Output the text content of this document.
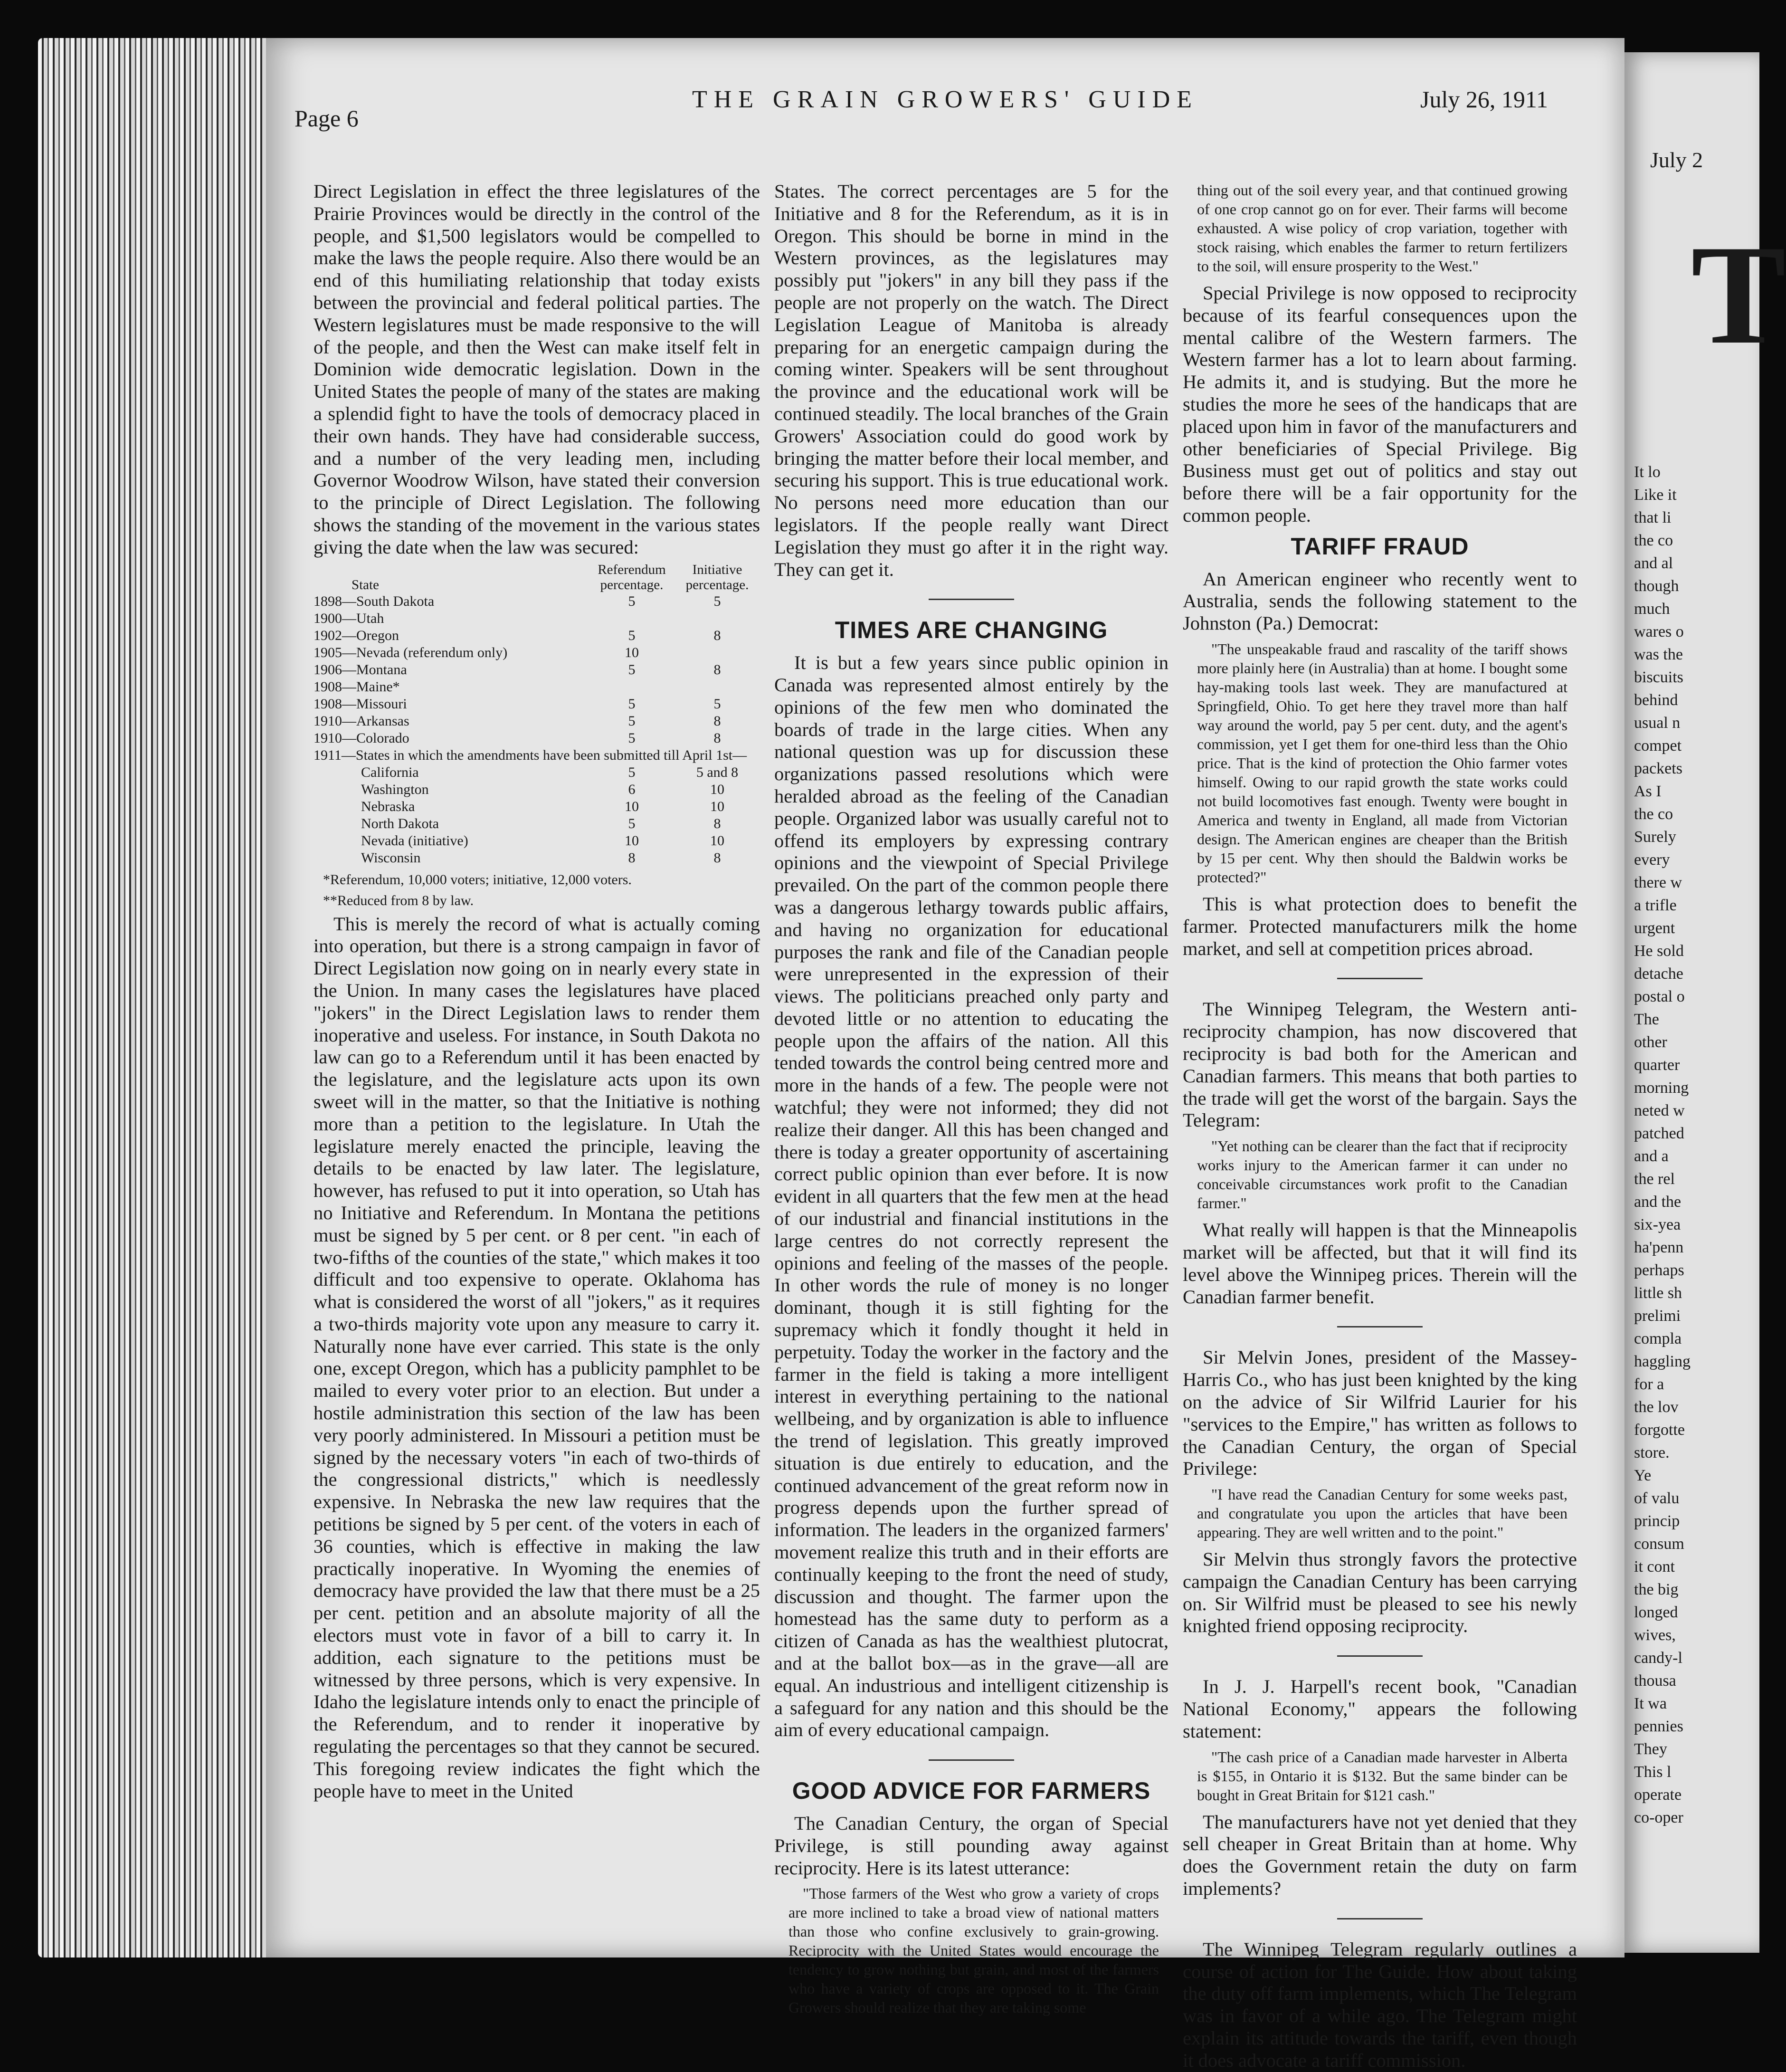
Page 6
THE GRAIN GROWERS' GUIDE	July 26, 1911

Direct Legislation in effect the three legislatures of the Prairie Provinces would be directly in the control of the people, and $1,500 legislators would be compelled to make the laws the people require. Also there would be an end of this humiliating relationship that today exists between the provincial and federal political parties. The Western legislatures must be made responsive to the will of the people, and then the West can make itself felt in Dominion wide democratic legislation. Down in the United States the people of many of the states are making a splendid fight to have the tools of democracy placed in their own hands. They have had considerable success, and a number of the very leading men, including Governor Woodrow Wilson, have stated their conversion to the principle of Direct Legislation. The following shows the standing of the movement in the various states giving the date when the law was secured:

State	Referendum percentage.	Initiative percentage.
1898—South Dakota	5	5
1900—Utah		
1902—Oregon	5	8
1905—Nevada (referendum only)	10	
1906—Montana	5	8
1908—Maine*		
1908—Missouri	5	5
1910—Arkansas	5	8
1910—Colorado	5	8
1911—States in which the amendments have been submitted till April 1st—		
California	5	5 and 8
Washington	6	10
Nebraska	10	10
North Dakota	5	8
Nevada (initiative)	10	10
Wisconsin	8	8
*Referendum, 10,000 voters; initiative, 12,000 voters.
**Reduced from 8 by law.

This is merely the record of what is actually coming into operation, but there is a strong campaign in favor of Direct Legislation now going on in nearly every state in the Union. In many cases the legislatures have placed "jokers" in the Direct Legislation laws to render them inoperative and useless. For instance, in South Dakota no law can go to a Referendum until it has been enacted by the legislature, and the legislature acts upon its own sweet will in the matter, so that the Initiative is nothing more than a petition to the legislature. In Utah the legislature merely enacted the principle, leaving the details to be enacted by law later. The legislature, however, has refused to put it into operation, so Utah has no Initiative and Referendum. In Montana the petitions must be signed by 5 per cent. or 8 per cent. "in each of two-fifths of the counties of the state," which makes it too difficult and too expensive to operate. Oklahoma has what is considered the worst of all "jokers," as it requires a two-thirds majority vote upon any measure to carry it. Naturally none have ever carried. This state is the only one, except Oregon, which has a publicity pamphlet to be mailed to every voter prior to an election. But under a hostile administration this section of the law has been very poorly administered. In Missouri a petition must be signed by the necessary voters "in each of two-thirds of the congressional districts," which is needlessly expensive. In Nebraska the new law requires that the petitions be signed by 5 per cent. of the voters in each of 36 counties, which is effective in making the law practically inoperative. In Wyoming the enemies of democracy have provided the law that there must be a 25 per cent. petition and an absolute majority of all the electors must vote in favor of a bill to carry it. In addition, each signature to the petitions must be witnessed by three persons, which is very expensive. In Idaho the legislature intends only to enact the principle of the Referendum, and to render it inoperative by regulating the percentages so that they cannot be secured. This foregoing review indicates the fight which the people have to meet in the United

States. The correct percentages are 5 for the Initiative and 8 for the Referendum, as it is in Oregon. This should be borne in mind in the Western provinces, as the legislatures may possibly put "jokers" in any bill they pass if the people are not properly on the watch. The Direct Legislation League of Manitoba is already preparing for an energetic campaign during the coming winter. Speakers will be sent throughout the province and the educational work will be continued steadily. The local branches of the Grain Growers' Association could do good work by bringing the matter before their local member, and securing his support. This is true educational work. No persons need more education than our legislators. If the people really want Direct Legislation they must go after it in the right way. They can get it.

TIMES ARE CHANGING

It is but a few years since public opinion in Canada was represented almost entirely by the opinions of the few men who dominated the boards of trade in the large cities. When any national question was up for discussion these organizations passed resolutions which were heralded abroad as the feeling of the Canadian people. Organized labor was usually careful not to offend its employers by expressing contrary opinions and the viewpoint of Special Privilege prevailed. On the part of the common people there was a dangerous lethargy towards public affairs, and having no organization for educational purposes the rank and file of the Canadian people were unrepresented in the expression of their views. The politicians preached only party and devoted little or no attention to educating the people upon the affairs of the nation. All this tended towards the control being centred more and more in the hands of a few. The people were not watchful; they were not informed; they did not realize their danger. All this has been changed and there is today a greater opportunity of ascertaining correct public opinion than ever before. It is now evident in all quarters that the few men at the head of our industrial and financial institutions in the large centres do not correctly represent the opinions and feeling of the masses of the people. In other words the rule of money is no longer dominant, though it is still fighting for the supremacy which it fondly thought it held in perpetuity. Today the worker in the factory and the farmer in the field is taking a more intelligent interest in everything pertaining to the national wellbeing, and by organization is able to influence the trend of legislation. This greatly improved situation is due entirely to education, and the continued advancement of the great reform now in progress depends upon the further spread of information. The leaders in the organized farmers' movement realize this truth and in their efforts are continually keeping to the front the need of study, discussion and thought. The farmer upon the homestead has the same duty to perform as a citizen of Canada as has the wealthiest plutocrat, and at the ballot box—as in the grave—all are equal. An industrious and intelligent citizenship is a safeguard for any nation and this should be the aim of every educational campaign.

GOOD ADVICE FOR FARMERS

The Canadian Century, the organ of Special Privilege, is still pounding away against reciprocity. Here is its latest utterance:

"Those farmers of the West who grow a variety of crops are more inclined to take a broad view of national matters than those who confine exclusively to grain-growing. Reciprocity with the United States would encourage the tendency to grow nothing but grain, and most of the farmers who have a variety of crops are opposed to it. The Grain Growers should realize that they are taking some

thing out of the soil every year, and that continued growing of one crop cannot go on for ever. Their farms will become exhausted. A wise policy of crop variation, together with stock raising, which enables the farmer to return fertilizers to the soil, will ensure prosperity to the West."

Special Privilege is now opposed to reciprocity because of its fearful consequences upon the mental calibre of the Western farmers. The Western farmer has a lot to learn about farming. He admits it, and is studying. But the more he studies the more he sees of the handicaps that are placed upon him in favor of the manufacturers and other beneficiaries of Special Privilege. Big Business must get out of politics and stay out before there will be a fair opportunity for the common people.

TARIFF FRAUD

An American engineer who recently went to Australia, sends the following statement to the Johnston (Pa.) Democrat:

"The unspeakable fraud and rascality of the tariff shows more plainly here (in Australia) than at home. I bought some hay-making tools last week. They are manufactured at Springfield, Ohio. To get here they travel more than half way around the world, pay 5 per cent. duty, and the agent's commission, yet I get them for one-third less than the Ohio price. That is the kind of protection the Ohio farmer votes himself. Owing to our rapid growth the state works could not build locomotives fast enough. Twenty were bought in America and twenty in England, all made from Victorian design. The American engines are cheaper than the British by 15 per cent. Why then should the Baldwin works be protected?"

This is what protection does to benefit the farmer. Protected manufacturers milk the home market, and sell at competition prices abroad.

The Winnipeg Telegram, the Western anti-reciprocity champion, has now discovered that reciprocity is bad both for the American and Canadian farmers. This means that both parties to the trade will get the worst of the bargain. Says the Telegram:

"Yet nothing can be clearer than the fact that if reciprocity works injury to the American farmer it can under no conceivable circumstances work profit to the Canadian farmer."

What really will happen is that the Minneapolis market will be affected, but that it will find its level above the Winnipeg prices. Therein will the Canadian farmer benefit.

Sir Melvin Jones, president of the Massey-Harris Co., who has just been knighted by the king on the advice of Sir Wilfrid Laurier for his "services to the Empire," has written as follows to the Canadian Century, the organ of Special Privilege:

"I have read the Canadian Century for some weeks past, and congratulate you upon the articles that have been appearing. They are well written and to the point."

Sir Melvin thus strongly favors the protective campaign the Canadian Century has been carrying on. Sir Wilfrid must be pleased to see his newly knighted friend opposing reciprocity.

In J. J. Harpell's recent book, "Canadian National Economy," appears the following statement:

"The cash price of a Canadian made harvester in Alberta is $155, in Ontario it is $132. But the same binder can be bought in Great Britain for $121 cash."

The manufacturers have not yet denied that they sell cheaper in Great Britain than at home. Why does the Government retain the duty on farm implements?

The Winnipeg Telegram regularly outlines a course of action for The Guide. How about taking the duty off farm implements, which The Telegram was in favor of a while ago. The Telegram might explain its attitude towards the tariff, even though it does advocate a tariff commission.

July 2
T
It lo
Like it
that li
the co
and al
though
much
wares o
was the
biscuits
behind
usual n
compet
packets
As I
the co
Surely
every
there w
a trifle
urgent
He sold
detache
postal o
The
other
quarter
morning
neted w
patched
and a
the rel
and the
six-yea
ha'penn
perhaps
little sh
prelimi
compla
haggling
for a
the lov
forgotte
store.
Ye
of valu
princip
consum
it cont
the big
longed
wives,
candy-l
thousa
It wa
pennies
They
This l
operate
co-oper
